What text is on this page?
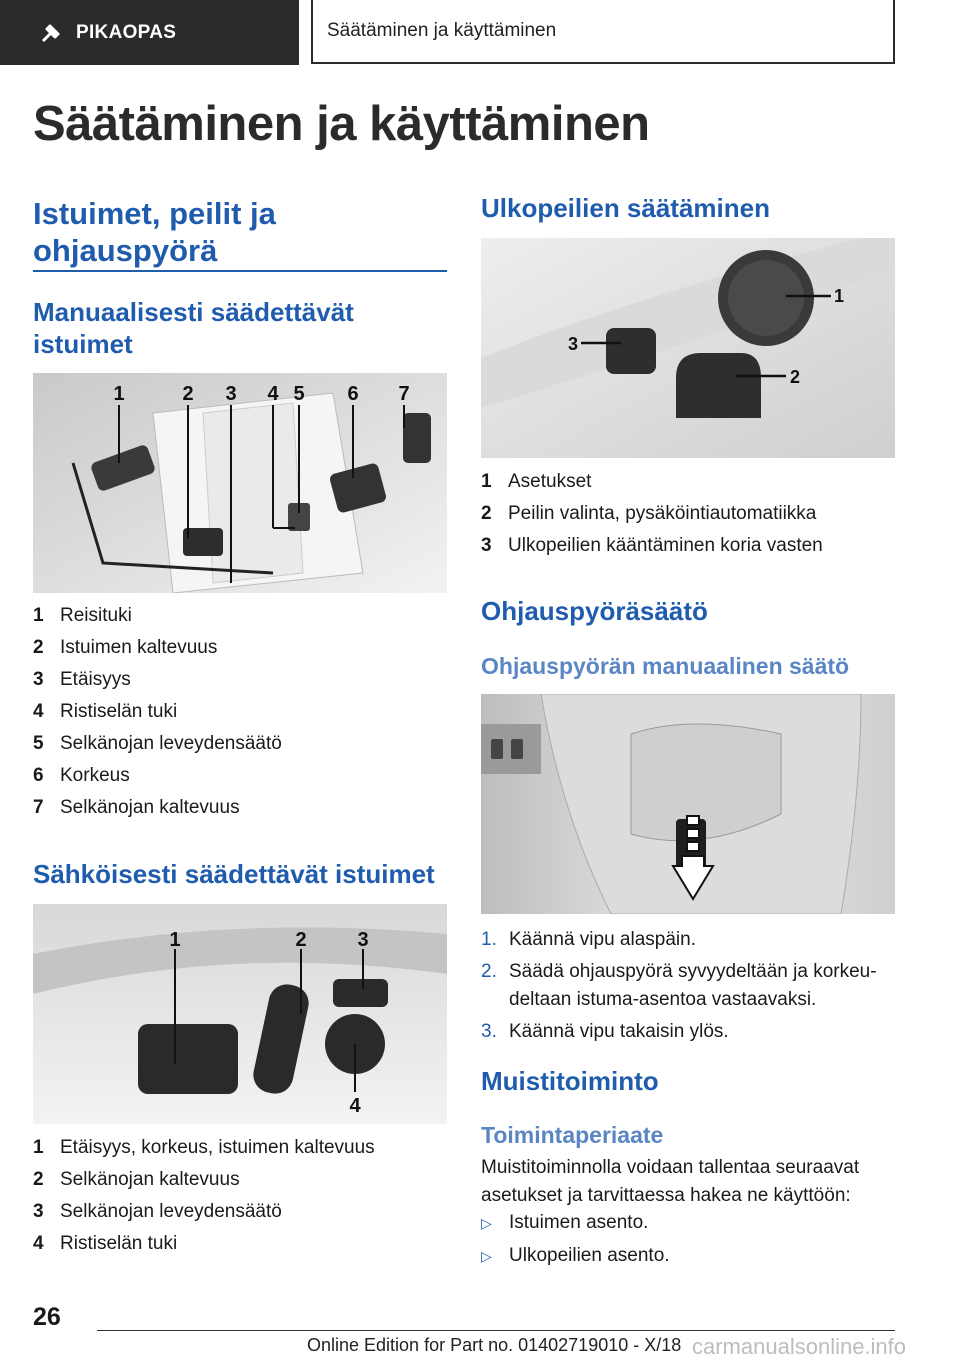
PIKAOPAS	Säätäminen ja käyttäminen
Säätäminen ja käyttäminen
Istuimet, peilit ja ohjauspyörä
Manuaalisesti säädettävät istuimet
1	2 3 4 5 6 7
1 Reisituki
2 Istuimen kaltevuus
3 Etäisyys
4 Ristiselän tuki
5 Selkänojan leveydensäätö
6 Korkeus
7 Selkänojan kaltevuus
Sähköisesti säädettävät istuimet
1	2	3
4
1 Etäisyys, korkeus, istuimen kaltevuus
2 Selkänojan kaltevuus
3 Selkänojan leveydensäätö
4 Ristiselän tuki
Ulkopeilien säätäminen
1
2
3
1 Asetukset
2 Peilin valinta, pysäköintiautomatiikka
3 Ulkopeilien kääntäminen koria vasten
Ohjauspyöräsäätö
Ohjauspyörän manuaalinen säätö
1. Käännä vipu alaspäin.
2. Säädä ohjauspyörä syvyydeltään ja korkeu-
deltaan istuma-asentoa vastaavaksi.
3. Käännä vipu takaisin ylös.
Muistitoiminto
Toimintaperiaate

Muistitoiminnolla voidaan tallentaa seuraavat asetukset ja tarvittaessa hakea ne käyttöön:

▷ Istuimen asento.
▷ Ulkopeilien asento.
26
Online Edition for Part no. 01402719010 - X/18 carmanualsonline.info
